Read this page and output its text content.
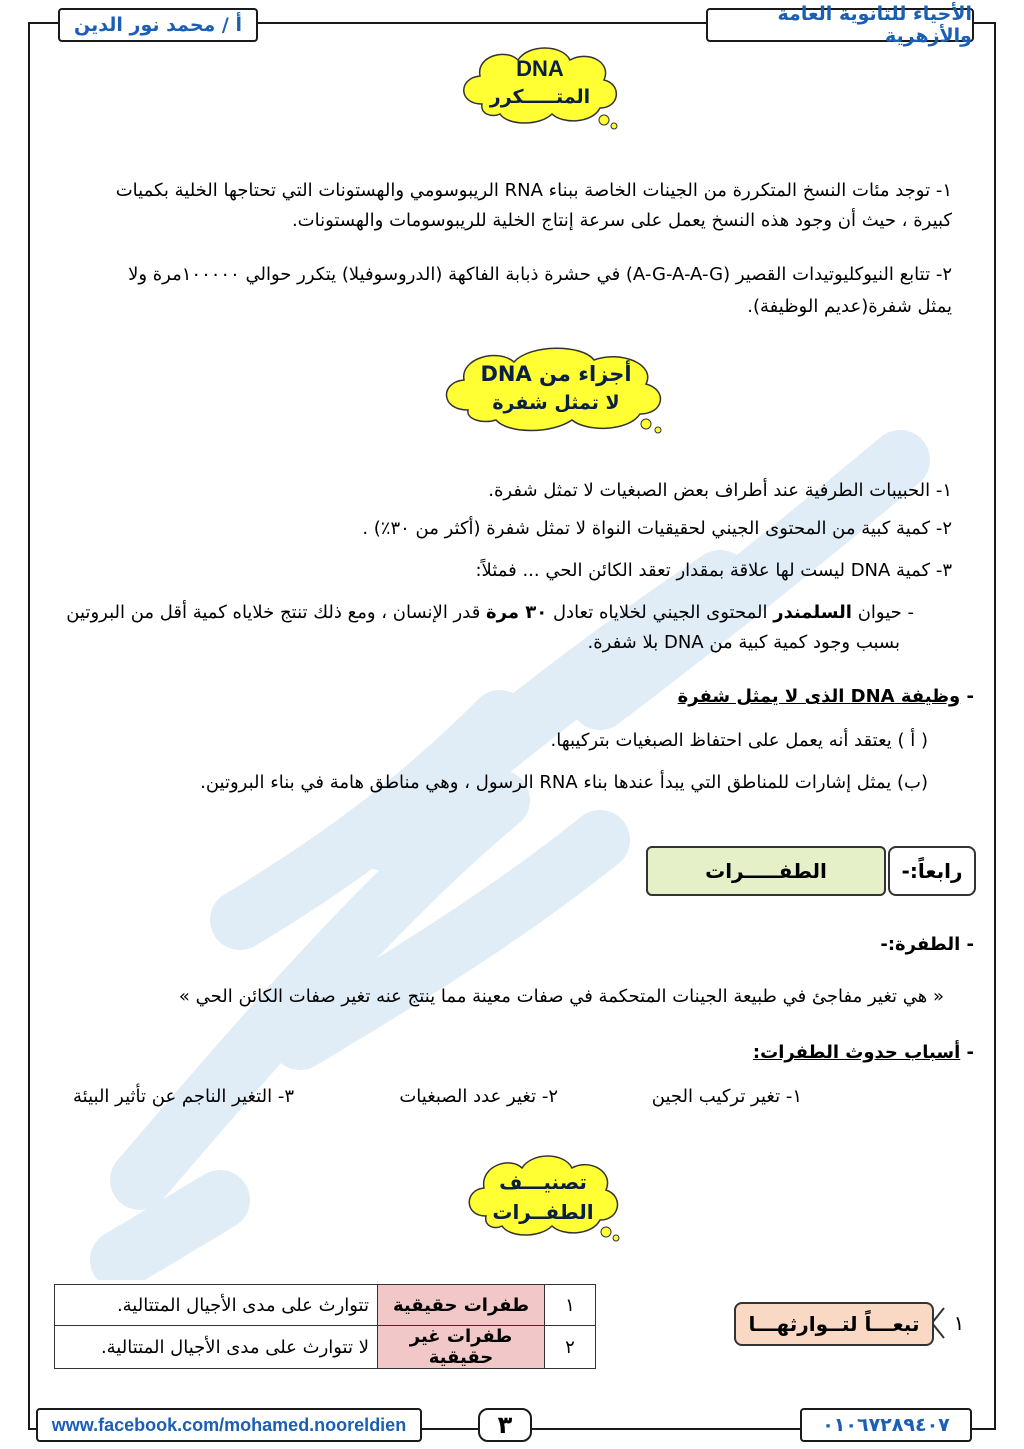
أ / محمد نور الدين	الأحياء للثانوية العامة والأزهرية
DNA
المتـــــكرر
١- توجد مئات النسخ المتكررة من الجينات الخاصة ببناء RNA الريبوسومي والهستونات التي تحتاجها الخلية بكميات
كبيرة ، حيث أن وجود هذه النسخ يعمل على سرعة إنتاج الخلية للريبوسومات والهستونات.
٢- تتابع النيوكليوتيدات القصير (A-G-A-A-G) في حشرة ذبابة الفاكهة (الدروسوفيلا) يتكرر حوالي ١٠٠٠٠٠مرة ولا
يمثل شفرة(عديم الوظيفة).
أجزاء من DNA
لا تمثل شفرة
١- الحبيبات الطرفية عند أطراف بعض الصبغيات لا تمثل شفرة.
٢- كمية كبية من المحتوى الجيني لحقيقيات النواة لا تمثل شفرة (أكثر من ٣٠٪) .
٣- كمية DNA ليست لها علاقة بمقدار تعقد الكائن الحي ... فمثلاً:
- حيوان السلمندر المحتوى الجيني لخلاياه تعادل ٣٠ مرة قدر الإنسان ، ومع ذلك تنتج خلاياه كمية أقل من البروتين
بسبب وجود كمية كبية من DNA بلا شفرة.
- وظيفة DNA الذى لا يمثل شفرة
( أ ) يعتقد أنه يعمل على احتفاظ الصبغيات بتركيبها.
(ب) يمثل إشارات للمناطق التي يبدأ عندها بناء RNA الرسول ، وهي مناطق هامة في بناء البروتين.
رابعاً:-
الطفـــــرات
- الطفرة:-
« هي تغير مفاجئ في طبيعة الجينات المتحكمة في صفات معينة مما ينتج عنه تغير صفات الكائن الحي »
- أسباب حدوث الطفرات:
١- تغير تركيب الجين
٢- تغير عدد الصبغيات
٣- التغير الناجم عن تأثير البيئة
تصنيـــف
الطفــرات
١
تبعـــاً لتــوارثهـــا
١	طفرات حقيقية	تتوارث على مدى الأجيال المتتالية.
٢	طفرات غير حقيقية	لا تتوارث على مدى الأجيال المتتالية.
www.facebook.com/mohamed.nooreldien	٣	٠١٠٦٧٢٨٩٤٠٧
